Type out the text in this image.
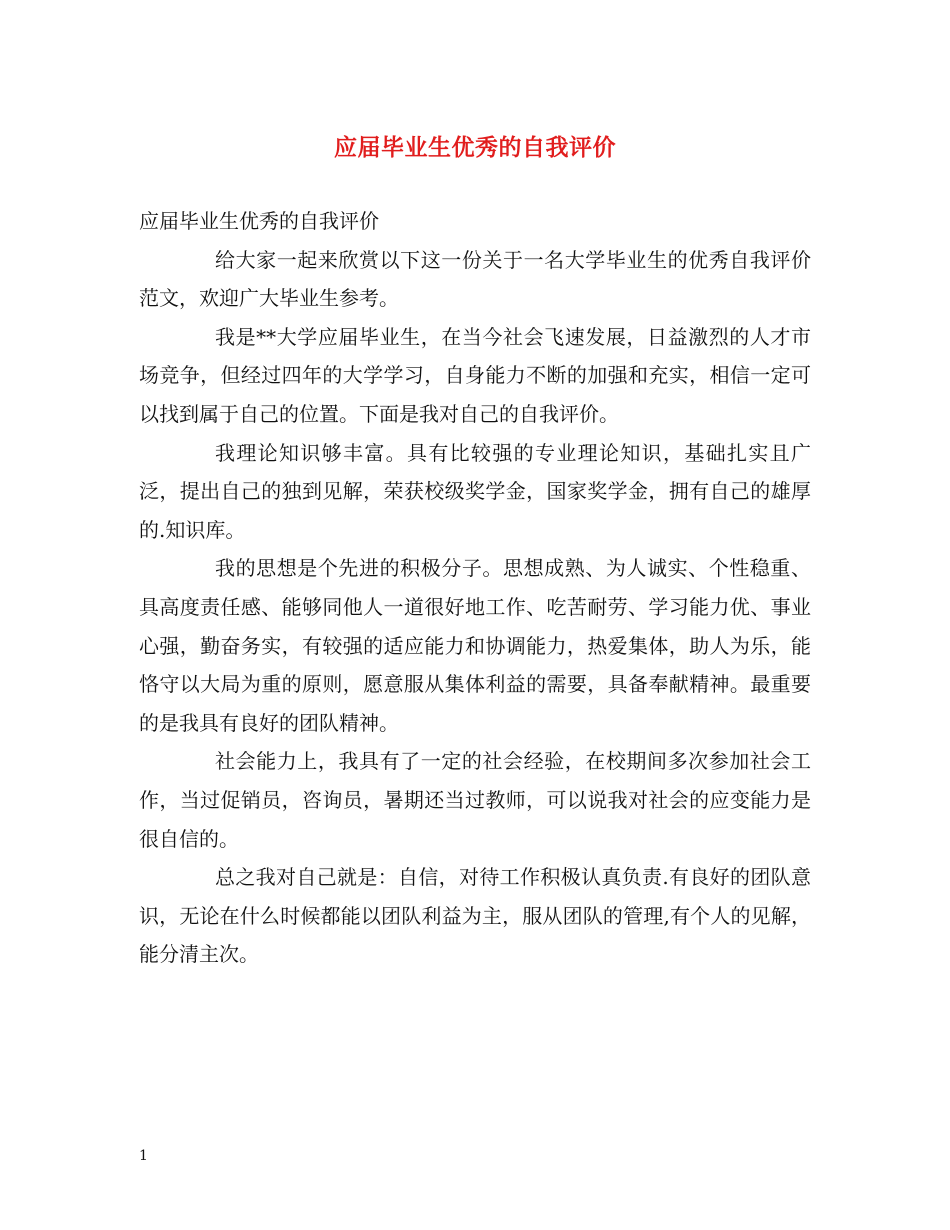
应届毕业生优秀的自我评价

应届毕业生优秀的自我评价

给大家一起来欣赏以下这一份关于一名大学毕业生的优秀自我评价范文，欢迎广大毕业生参考。

我是**大学应届毕业生，在当今社会飞速发展，日益激烈的人才市场竞争，但经过四年的大学学习，自身能力不断的加强和充实，相信一定可以找到属于自己的位置。下面是我对自己的自我评价。

我理论知识够丰富。具有比较强的专业理论知识，基础扎实且广泛，提出自己的独到见解，荣获校级奖学金，国家奖学金，拥有自己的雄厚的.知识库。

我的思想是个先进的积极分子。思想成熟、为人诚实、个性稳重、具高度责任感、能够同他人一道很好地工作、吃苦耐劳、学习能力优、事业心强，勤奋务实，有较强的适应能力和协调能力，热爱集体，助人为乐，能恪守以大局为重的原则，愿意服从集体利益的需要，具备奉献精神。最重要的是我具有良好的团队精神。

社会能力上，我具有了一定的社会经验，在校期间多次参加社会工作，当过促销员，咨询员，暑期还当过教师，可以说我对社会的应变能力是很自信的。

总之我对自己就是：自信，对待工作积极认真负责.有良好的团队意识，无论在什么时候都能以团队利益为主，服从团队的管理,有个人的见解，能分清主次。

1
